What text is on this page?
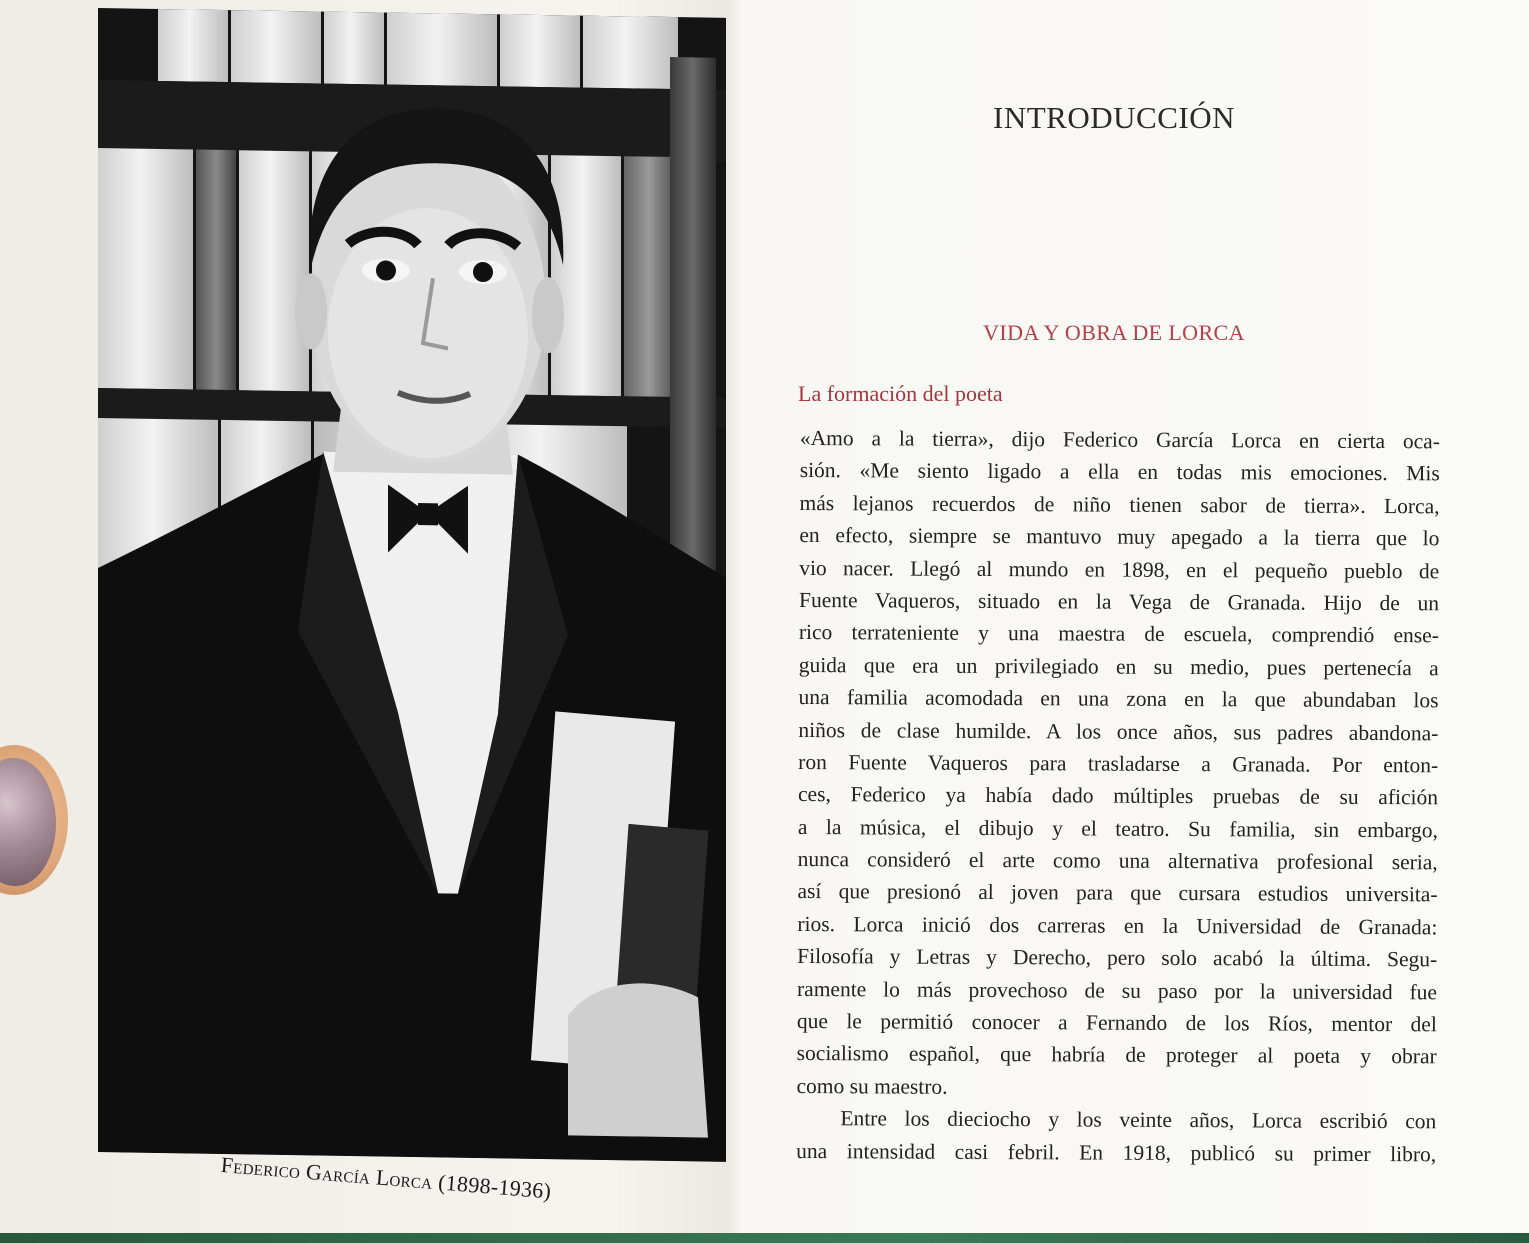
Federico García Lorca (1898-1936)
INTRODUCCIÓN
VIDA Y OBRA DE LORCA
La formación del poeta
«Amo a la tierra», dijo Federico García Lorca en cierta oca-
sión. «Me siento ligado a ella en todas mis emociones. Mis
más lejanos recuerdos de niño tienen sabor de tierra». Lorca,
en efecto, siempre se mantuvo muy apegado a la tierra que lo
vio nacer. Llegó al mundo en 1898, en el pequeño pueblo de
Fuente Vaqueros, situado en la Vega de Granada. Hijo de un
rico terrateniente y una maestra de escuela, comprendió ense-
guida que era un privilegiado en su medio, pues pertenecía a
una familia acomodada en una zona en la que abundaban los
niños de clase humilde. A los once años, sus padres abandona-
ron Fuente Vaqueros para trasladarse a Granada. Por enton-
ces, Federico ya había dado múltiples pruebas de su afición
a la música, el dibujo y el teatro. Su familia, sin embargo,
nunca consideró el arte como una alternativa profesional seria,
así que presionó al joven para que cursara estudios universita-
rios. Lorca inició dos carreras en la Universidad de Granada:
Filosofía y Letras y Derecho, pero solo acabó la última. Segu-
ramente lo más provechoso de su paso por la universidad fue
que le permitió conocer a Fernando de los Ríos, mentor del
socialismo español, que habría de proteger al poeta y obrar
como su maestro.
Entre los dieciocho y los veinte años, Lorca escribió con
una intensidad casi febril. En 1918, publicó su primer libro,
